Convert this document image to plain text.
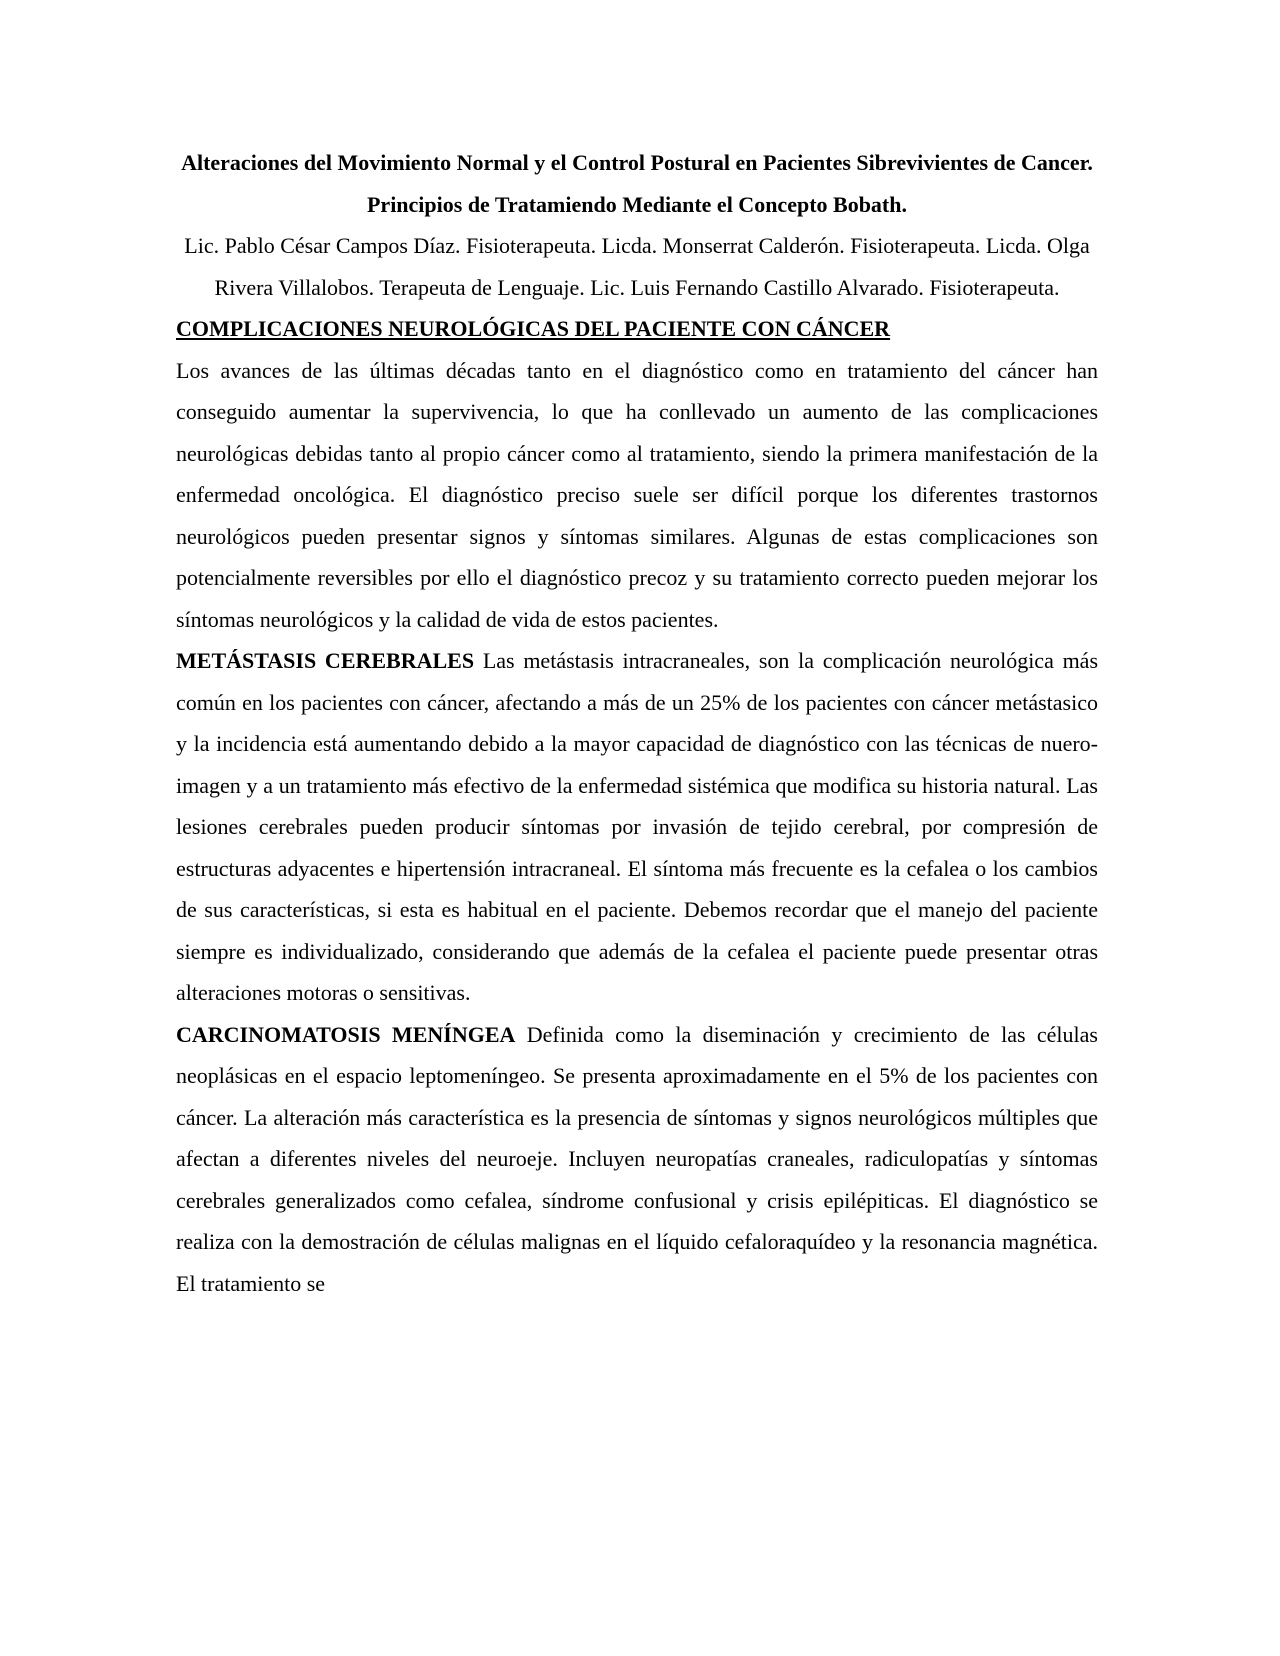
Alteraciones del Movimiento Normal y el Control Postural en Pacientes Sibrevivientes de Cancer. Principios de Tratamiendo Mediante el Concepto Bobath.

Lic. Pablo César Campos Díaz. Fisioterapeuta. Licda. Monserrat Calderón. Fisioterapeuta. Licda. Olga Rivera Villalobos. Terapeuta de Lenguaje. Lic. Luis Fernando Castillo Alvarado. Fisioterapeuta.

COMPLICACIONES NEUROLÓGICAS DEL PACIENTE CON CÁNCER

Los avances de las últimas décadas tanto en el diagnóstico como en tratamiento del cáncer han conseguido aumentar la supervivencia, lo que ha conllevado un aumento de las complicaciones neurológicas debidas tanto al propio cáncer como al tratamiento, siendo la primera manifestación de la enfermedad oncológica. El diagnóstico preciso suele ser difícil porque los diferentes trastornos neurológicos pueden presentar signos y síntomas similares. Algunas de estas complicaciones son potencialmente reversibles por ello el diagnóstico precoz y su tratamiento correcto pueden mejorar los síntomas neurológicos y la calidad de vida de estos pacientes.

METÁSTASIS CEREBRALES Las metástasis intracraneales, son la complicación neurológica más común en los pacientes con cáncer, afectando a más de un 25% de los pacientes con cáncer metástasico y la incidencia está aumentando debido a la mayor capacidad de diagnóstico con las técnicas de nuero-imagen y a un tratamiento más efectivo de la enfermedad sistémica que modifica su historia natural. Las lesiones cerebrales pueden producir síntomas por invasión de tejido cerebral, por compresión de estructuras adyacentes e hipertensión intracraneal. El síntoma más frecuente es la cefalea o los cambios de sus características, si esta es habitual en el paciente. Debemos recordar que el manejo del paciente siempre es individualizado, considerando que además de la cefalea el paciente puede presentar otras alteraciones motoras o sensitivas.

CARCINOMATOSIS MENÍNGEA Definida como la diseminación y crecimiento de las células neoplásicas en el espacio leptomeníngeo. Se presenta aproximadamente en el 5% de los pacientes con cáncer. La alteración más característica es la presencia de síntomas y signos neurológicos múltiples que afectan a diferentes niveles del neuroeje. Incluyen neuropatías craneales, radiculopatías y síntomas cerebrales generalizados como cefalea, síndrome confusional y crisis epilépiticas. El diagnóstico se realiza con la demostración de células malignas en el líquido cefaloraquídeo y la resonancia magnética. El tratamiento se
